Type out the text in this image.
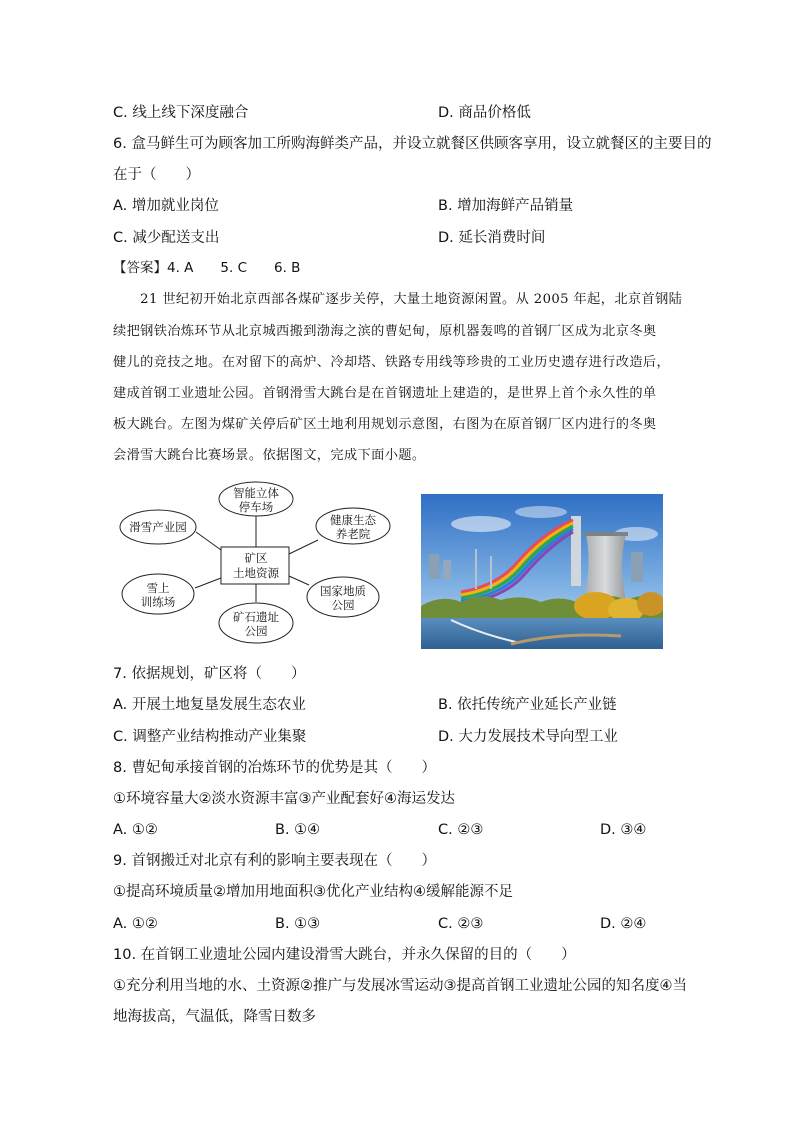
C. 线上线下深度融合	D. 商品价格低
6. 盒马鲜生可为顾客加工所购海鲜类产品，并设立就餐区供顾客享用，设立就餐区的主要目的
在于（　　）
A. 增加就业岗位	B. 增加海鲜产品销量
C. 减少配送支出	D. 延长消费时间
【答案】4. A　　5. C　　6. B
　　21 世纪初开始北京西部各煤矿逐步关停，大量土地资源闲置。从 2005 年起，北京首钢陆
续把钢铁冶炼环节从北京城西搬到渤海之滨的曹妃甸，原机器轰鸣的首钢厂区成为北京冬奥
健儿的竞技之地。在对留下的高炉、冷却塔、铁路专用线等珍贵的工业历史遗存进行改造后，
建成首钢工业遗址公园。首钢滑雪大跳台是在首钢遗址上建造的，是世界上首个永久性的单
板大跳台。左图为煤矿关停后矿区土地利用规划示意图，右图为在原首钢厂区内进行的冬奥
会滑雪大跳台比赛场景。依据图文，完成下面小题。
矿区
土地资源
智能立体
停车场
健康生态
养老院
国家地质
公园
矿石遗址
公园
雪上
训练场
滑雪产业园
7. 依据规划，矿区将（　　）
A. 开展土地复垦发展生态农业	B. 依托传统产业延长产业链
C. 调整产业结构推动产业集聚	D. 大力发展技术导向型工业
8. 曹妃甸承接首钢的冶炼环节的优势是其（　　）
①环境容量大②淡水资源丰富③产业配套好④海运发达
A. ①②	B. ①④	C. ②③	D. ③④
9. 首钢搬迁对北京有利的影响主要表现在（　　）
①提高环境质量②增加用地面积③优化产业结构④缓解能源不足
A. ①②	B. ①③	C. ②③	D. ②④
10. 在首钢工业遗址公园内建设滑雪大跳台，并永久保留的目的（　　）
①充分利用当地的水、土资源②推广与发展冰雪运动③提高首钢工业遗址公园的知名度④当
地海拔高，气温低，降雪日数多
